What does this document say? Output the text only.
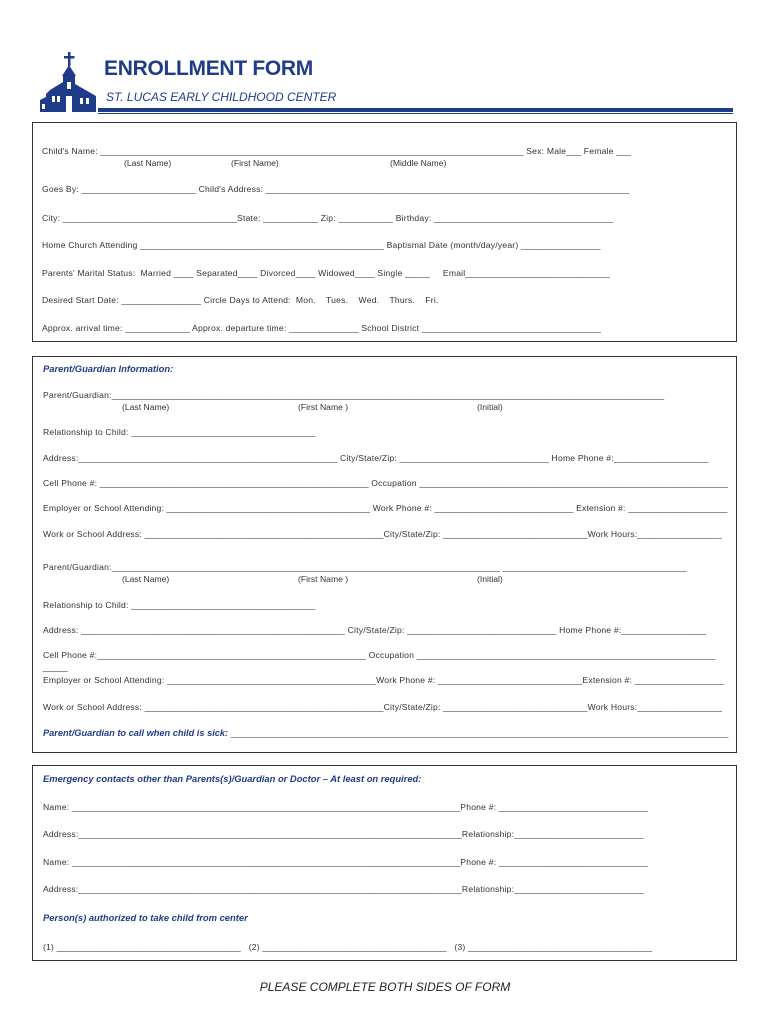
ENROLLMENT FORM
ST. LUCAS EARLY CHILDHOOD CENTER
Child's Name: _____________________________________________________________________________________ Sex: Male___ Female ___
(Last Name)	(First Name)	(Middle Name)
Goes By: _______________________ Child's Address: _________________________________________________________________________
City: ___________________________________State: ___________ Zip: ___________ Birthday: ____________________________________
Home Church Attending _________________________________________________ Baptismal Date (month/day/year) ________________
Parents' Marital Status:  Married ____ Separated____ Divorced____ Widowed____ Single _____     Email_____________________________
Desired Start Date: ________________ Circle Days to Attend:  Mon.    Tues.    Wed.    Thurs.    Fri.
Approx. arrival time: _____________ Approx. departure time: ______________ School District ____________________________________
Parent/Guardian Information:
Parent/Guardian:_______________________________________________________________________________________________________________
(Last Name)	(First Name )	(Initial)
Relationship to Child: _____________________________________
Address:____________________________________________________ City/State/Zip: ______________________________ Home Phone #:___________________
Cell Phone #: ______________________________________________________ Occupation ______________________________________________________________
Employer or School Attending: _________________________________________ Work Phone #: ____________________________ Extension #: ____________________
Work or School Address: ________________________________________________City/State/Zip: _____________________________Work Hours:_________________
Parent/Guardian:______________________________________________________________________________ _____________________________________
(Last Name)	(First Name )	(Initial)
Relationship to Child: _____________________________________
Address: _____________________________________________________ City/State/Zip: ______________________________ Home Phone #:_________________
Cell Phone #:______________________________________________________ Occupation ____________________________________________________________
_____
Employer or School Attending: __________________________________________Work Phone #: _____________________________Extension #: __________________
Work or School Address: ________________________________________________City/State/Zip: _____________________________Work Hours:_________________
Parent/Guardian to call when child is sick: _________________________________________________________________________________________________
Emergency contacts other than Parents(s)/Guardian or Doctor – At least on required:
Name: ______________________________________________________________________________Phone #: ______________________________
Address:_____________________________________________________________________________Relationship:__________________________
Name: ______________________________________________________________________________Phone #: ______________________________
Address:_____________________________________________________________________________Relationship:__________________________
Person(s) authorized to take child from center
(1) _____________________________________   (2) _____________________________________   (3) _____________________________________
PLEASE COMPLETE BOTH SIDES OF FORM
